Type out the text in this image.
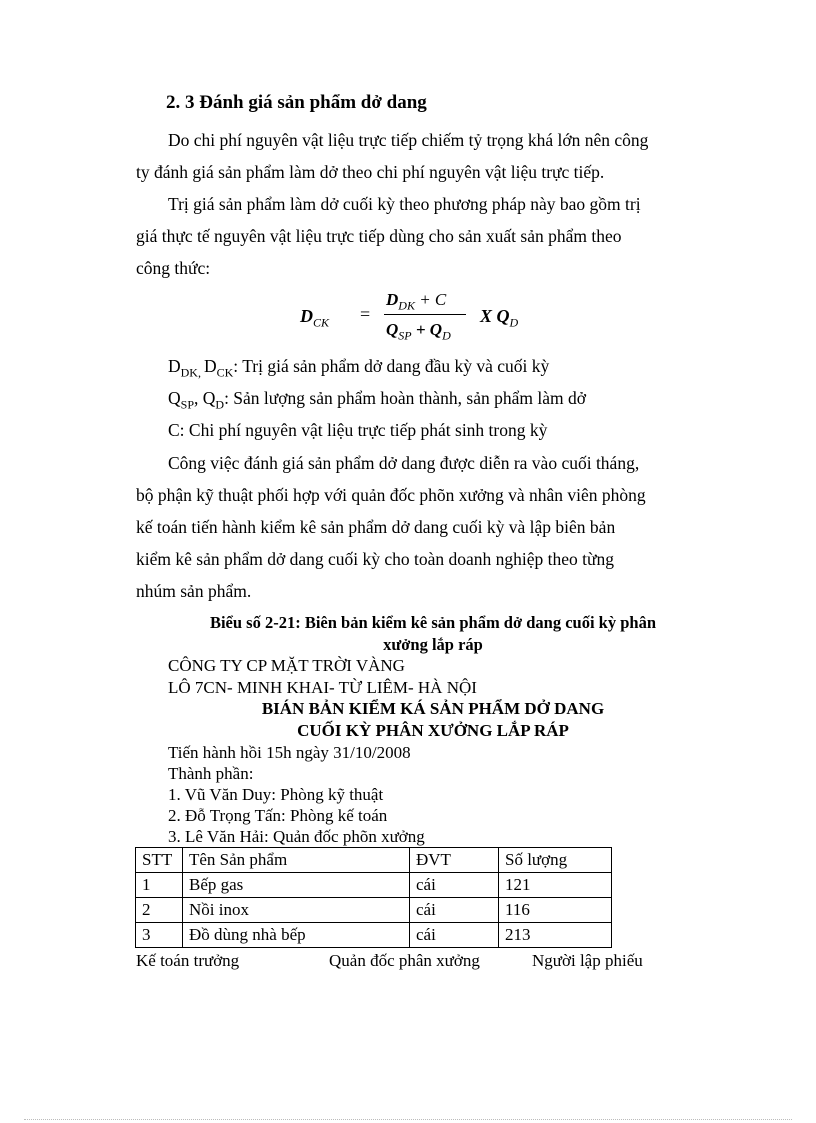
2. 3 Đánh giá sản phẩm dở dang
Do chi phí nguyên vật liệu trực tiếp chiếm tỷ trọng khá lớn nên công
ty đánh giá sản phẩm làm dở theo chi phí nguyên vật liệu trực tiếp.
Trị giá sản phẩm làm dở cuối kỳ theo phương pháp này bao gồm trị
giá thực tế nguyên vật liệu trực tiếp dùng cho sản xuất sản phẩm theo
công thức:
$D_{CK}$ =
$D_{DK} + C$
$Q_{SP} + Q_D$
X $Q_D$
$D_{DK,}$ $D_{CK}$: Trị giá sản phẩm dở dang đầu kỳ và cuối kỳ
$Q_{SP}$, $Q_D$: Sản lượng sản phẩm hoàn thành, sản phẩm làm dở
C: Chi phí nguyên vật liệu trực tiếp phát sinh trong kỳ
Công việc đánh giá sản phẩm dở dang được diễn ra vào cuối tháng,
bộ phận kỹ thuật phối hợp với quản đốc phõn xưởng và nhân viên phòng
kế toán tiến hành kiểm kê sản phẩm dở dang cuối kỳ và lập biên bản
kiểm kê sản phẩm dở dang cuối kỳ cho toàn doanh nghiệp theo từng
nhúm sản phẩm.
Biểu số 2-21: Biên bản kiểm kê sản phẩm dở dang cuối kỳ phân
xưởng lắp ráp
CÔNG TY CP MẶT TRỜI VÀNG
LÔ 7CN- MINH KHAI- TỪ LIÊM- HÀ NỘI
BIÁN BẢN KIỂM KÁ SẢN PHẨM DỞ DANG
CUỐI KỲ PHÂN XƯỞNG LẮP RÁP
Tiến hành hồi 15h ngày 31/10/2008
Thành phần:
1. Vũ Văn Duy: Phòng kỹ thuật
2. Đỗ Trọng Tấn: Phòng kế toán
3. Lê Văn Hải: Quản đốc phõn xưởng
STT	Tên Sản phẩm	ĐVT	Số lượng
1	Bếp gas	cái	121
2	Nồi inox	cái	116
3	Đồ dùng nhà bếp	cái	213
Kế toán trưởng	Quản đốc phân xưởng	Người lập phiếu
